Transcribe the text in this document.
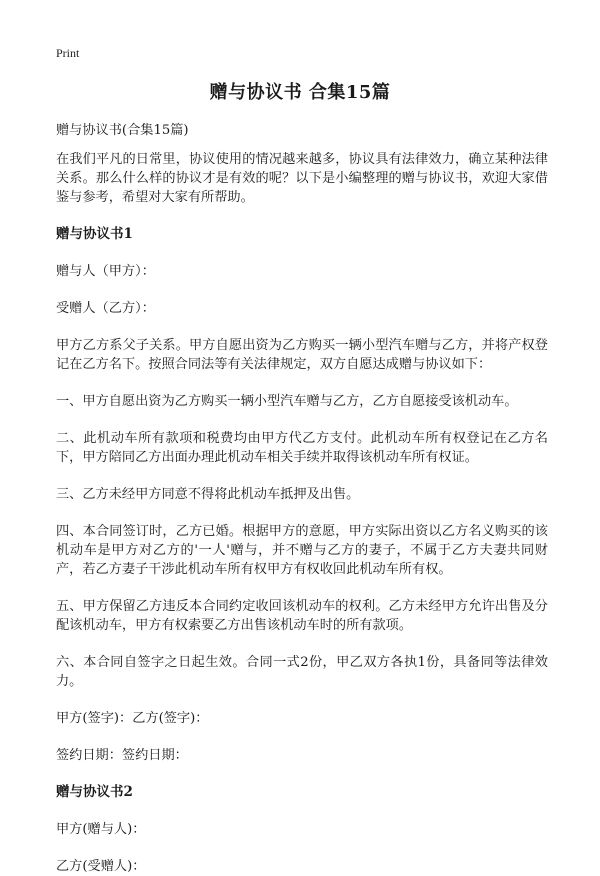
Print
赠与协议书 合集15篇

赠与协议书(合集15篇)

在我们平凡的日常里，协议使用的情况越来越多，协议具有法律效力，确立某种法律关系。那么什么样的协议才是有效的呢？以下是小编整理的赠与协议书，欢迎大家借鉴与参考，希望对大家有所帮助。

赠与协议书1

赠与人（甲方）：

受赠人（乙方）：

甲方乙方系父子关系。甲方自愿出资为乙方购买一辆小型汽车赠与乙方，并将产权登记在乙方名下。按照合同法等有关法律规定，双方自愿达成赠与协议如下：

一、甲方自愿出资为乙方购买一辆小型汽车赠与乙方，乙方自愿接受该机动车。

二、此机动车所有款项和税费均由甲方代乙方支付。此机动车所有权登记在乙方名下，甲方陪同乙方出面办理此机动车相关手续并取得该机动车所有权证。

三、乙方未经甲方同意不得将此机动车抵押及出售。

四、本合同签订时，乙方已婚。根据甲方的意愿，甲方实际出资以乙方名义购买的该机动车是甲方对乙方的'一人'赠与，并不赠与乙方的妻子，不属于乙方夫妻共同财产，若乙方妻子干涉此机动车所有权甲方有权收回此机动车所有权。

五、甲方保留乙方违反本合同约定收回该机动车的权利。乙方未经甲方允许出售及分配该机动车，甲方有权索要乙方出售该机动车时的所有款项。

六、本合同自签字之日起生效。合同一式2份，甲乙双方各执1份，具备同等法律效力。

甲方(签字)：乙方(签字)：

签约日期：签约日期：

赠与协议书2

甲方(赠与人)：

乙方(受赠人)：
